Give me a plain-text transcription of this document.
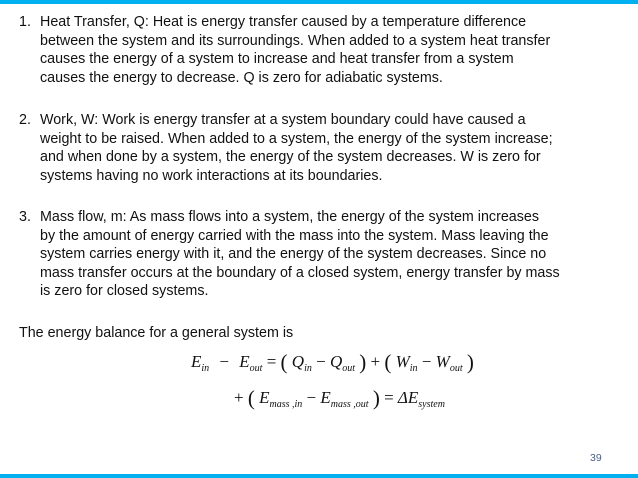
1. Heat Transfer, Q: Heat is energy transfer caused by a temperature difference
between the system and its surroundings. When added to a system heat transfer
causes the energy of a system to increase and heat transfer from a system
causes the energy to decrease. Q is zero for adiabatic systems.
2. Work, W: Work is energy transfer at a system boundary could have caused a
weight to be raised. When added to a system, the energy of the system increase;
and when done by a system, the energy of the system decreases. W is zero for
systems having no work interactions at its boundaries.
3. Mass flow, m: As mass flows into a system, the energy of the system increases
by the amount of energy carried with the mass into the system. Mass leaving the
system carries energy with it, and the energy of the system decreases. Since no
mass transfer occurs at the boundary of a closed system, energy transfer by mass
is zero for closed systems.
The energy balance for a general system is
$E_{in} - E_{out}$ = ( $Q_{in} - Q_{out}$ ) + ( $W_{in} - W_{out}$ )
+ ( $E_{mass ,in} - E_{mass ,out}$ ) = $\Delta E_{system}$
39
